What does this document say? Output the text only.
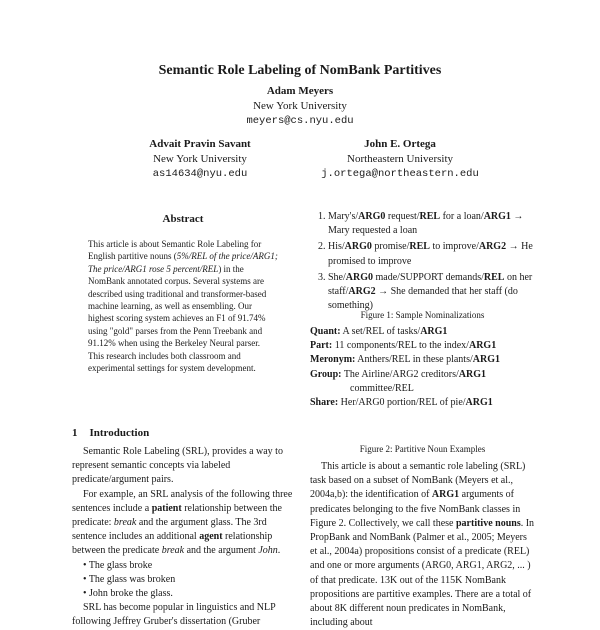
Semantic Role Labeling of NomBank Partitives
Adam Meyers
New York University
meyers@cs.nyu.edu
Advait Pravin Savant
New York University
as14634@nyu.edu
John E. Ortega
Northeastern University
j.ortega@northeastern.edu
Abstract

This article is about Semantic Role Labeling for English partitive nouns (5%/REL of the price/ARG1; The price/ARG1 rose 5 percent/REL) in the NomBank annotated corpus. Several systems are described using traditional and transformer-based machine learning, as well as ensembling. Our highest scoring system achieves an F1 of 91.74% using "gold" parses from the Penn Treebank and 91.12% when using the Berkeley Neural parser. This research includes both classroom and experimental settings for system development.

1 Introduction

Semantic Role Labeling (SRL), provides a way to represent semantic concepts via labeled predicate/argument pairs.

For example, an SRL analysis of the following three sentences include a patient relationship between the predicate: break and the argument glass. The 3rd sentence includes an additional agent relationship between the predicate break and the argument John.

• The glass broke
• The glass was broken
• John broke the glass.

SRL has become popular in linguistics and NLP following Jeffrey Gruber's dissertation (Gruber

1. Mary's/ARG0 request/REL for a loan/ARG1 → Mary requested a loan
2. His/ARG0 promise/REL to improve/ARG2 → He promised to improve
3. She/ARG0 made/SUPPORT demands/REL on her staff/ARG2 → She demanded that her staff (do something)
Figure 1: Sample Nominalizations
Quant: A set/REL of tasks/ARG1
Part: 11 components/REL to the index/ARG1
Meronym: Anthers/REL in these plants/ARG1
Group: The Airline/ARG2 creditors/ARG1 committee/REL
Share: Her/ARG0 portion/REL of pie/ARG1
Figure 2: Partitive Noun Examples

This article is about a semantic role labeling (SRL) task based on a subset of NomBank (Meyers et al., 2004a,b): the identification of ARG1 arguments of predicates belonging to the five NomBank classes in Figure 2. Collectively, we call these partitive nouns. In PropBank and NomBank (Palmer et al., 2005; Meyers et al., 2004a) propositions consist of a predicate (REL) and one or more arguments (ARG0, ARG1, ARG2, ... ) of that predicate. 13K out of the 115K NomBank propositions are partitive examples. There are a total of about 8K different noun predicates in NomBank, including about
